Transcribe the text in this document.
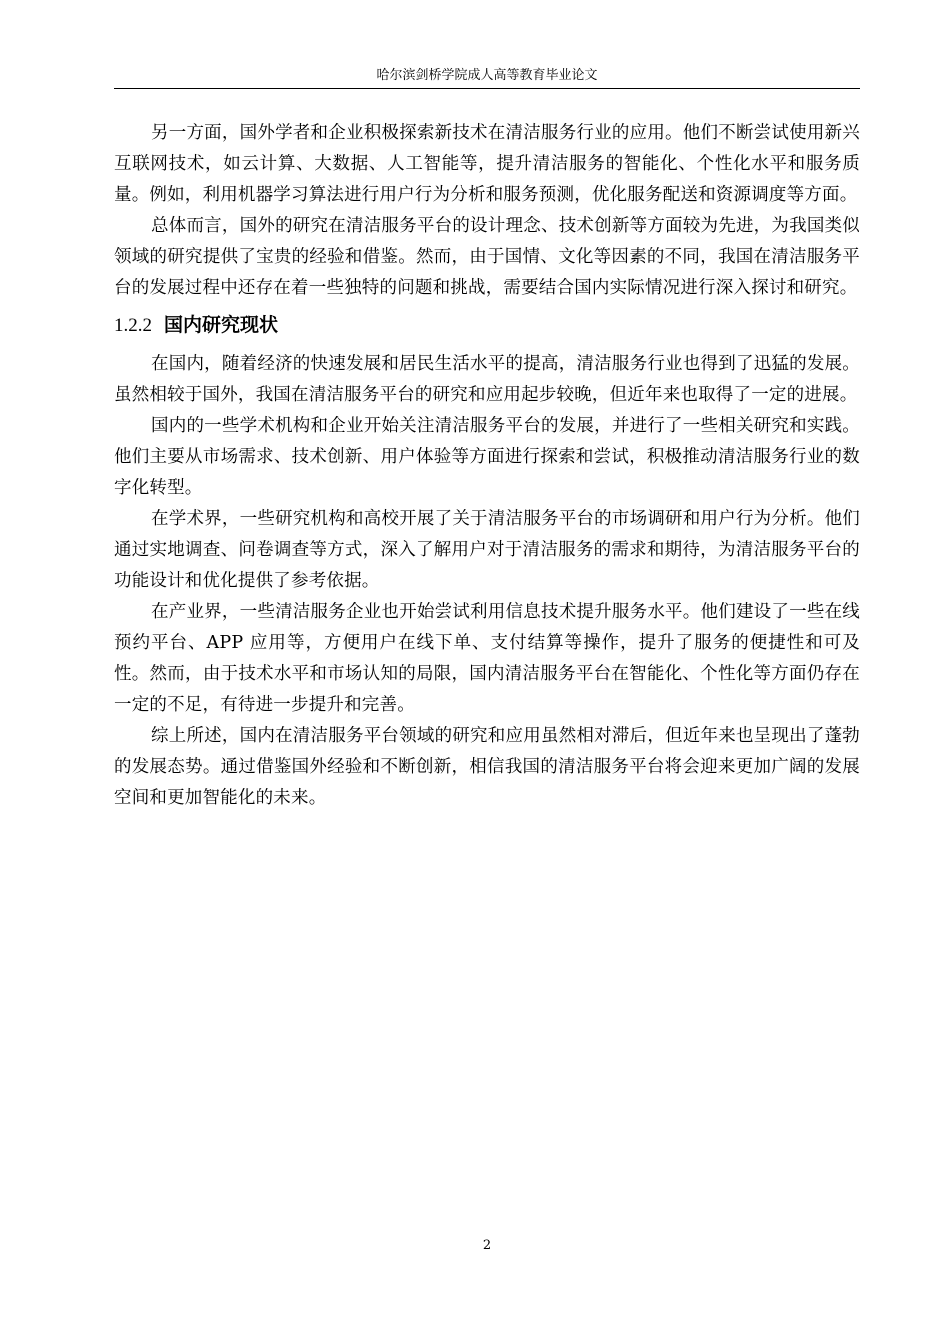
哈尔滨剑桥学院成人高等教育毕业论文

另一方面，国外学者和企业积极探索新技术在清洁服务行业的应用。他们不断尝试使用新兴互联网技术，如云计算、大数据、人工智能等，提升清洁服务的智能化、个性化水平和服务质量。例如，利用机器学习算法进行用户行为分析和服务预测，优化服务配送和资源调度等方面。

总体而言，国外的研究在清洁服务平台的设计理念、技术创新等方面较为先进，为我国类似领域的研究提供了宝贵的经验和借鉴。然而，由于国情、文化等因素的不同，我国在清洁服务平台的发展过程中还存在着一些独特的问题和挑战，需要结合国内实际情况进行深入探讨和研究。

1.2.2 国内研究现状

在国内，随着经济的快速发展和居民生活水平的提高，清洁服务行业也得到了迅猛的发展。虽然相较于国外，我国在清洁服务平台的研究和应用起步较晚，但近年来也取得了一定的进展。

国内的一些学术机构和企业开始关注清洁服务平台的发展，并进行了一些相关研究和实践。他们主要从市场需求、技术创新、用户体验等方面进行探索和尝试，积极推动清洁服务行业的数字化转型。

在学术界，一些研究机构和高校开展了关于清洁服务平台的市场调研和用户行为分析。他们通过实地调查、问卷调查等方式，深入了解用户对于清洁服务的需求和期待，为清洁服务平台的功能设计和优化提供了参考依据。

在产业界，一些清洁服务企业也开始尝试利用信息技术提升服务水平。他们建设了一些在线预约平台、APP 应用等，方便用户在线下单、支付结算等操作，提升了服务的便捷性和可及性。然而，由于技术水平和市场认知的局限，国内清洁服务平台在智能化、个性化等方面仍存在一定的不足，有待进一步提升和完善。

综上所述，国内在清洁服务平台领域的研究和应用虽然相对滞后，但近年来也呈现出了蓬勃的发展态势。通过借鉴国外经验和不断创新，相信我国的清洁服务平台将会迎来更加广阔的发展空间和更加智能化的未来。

2
